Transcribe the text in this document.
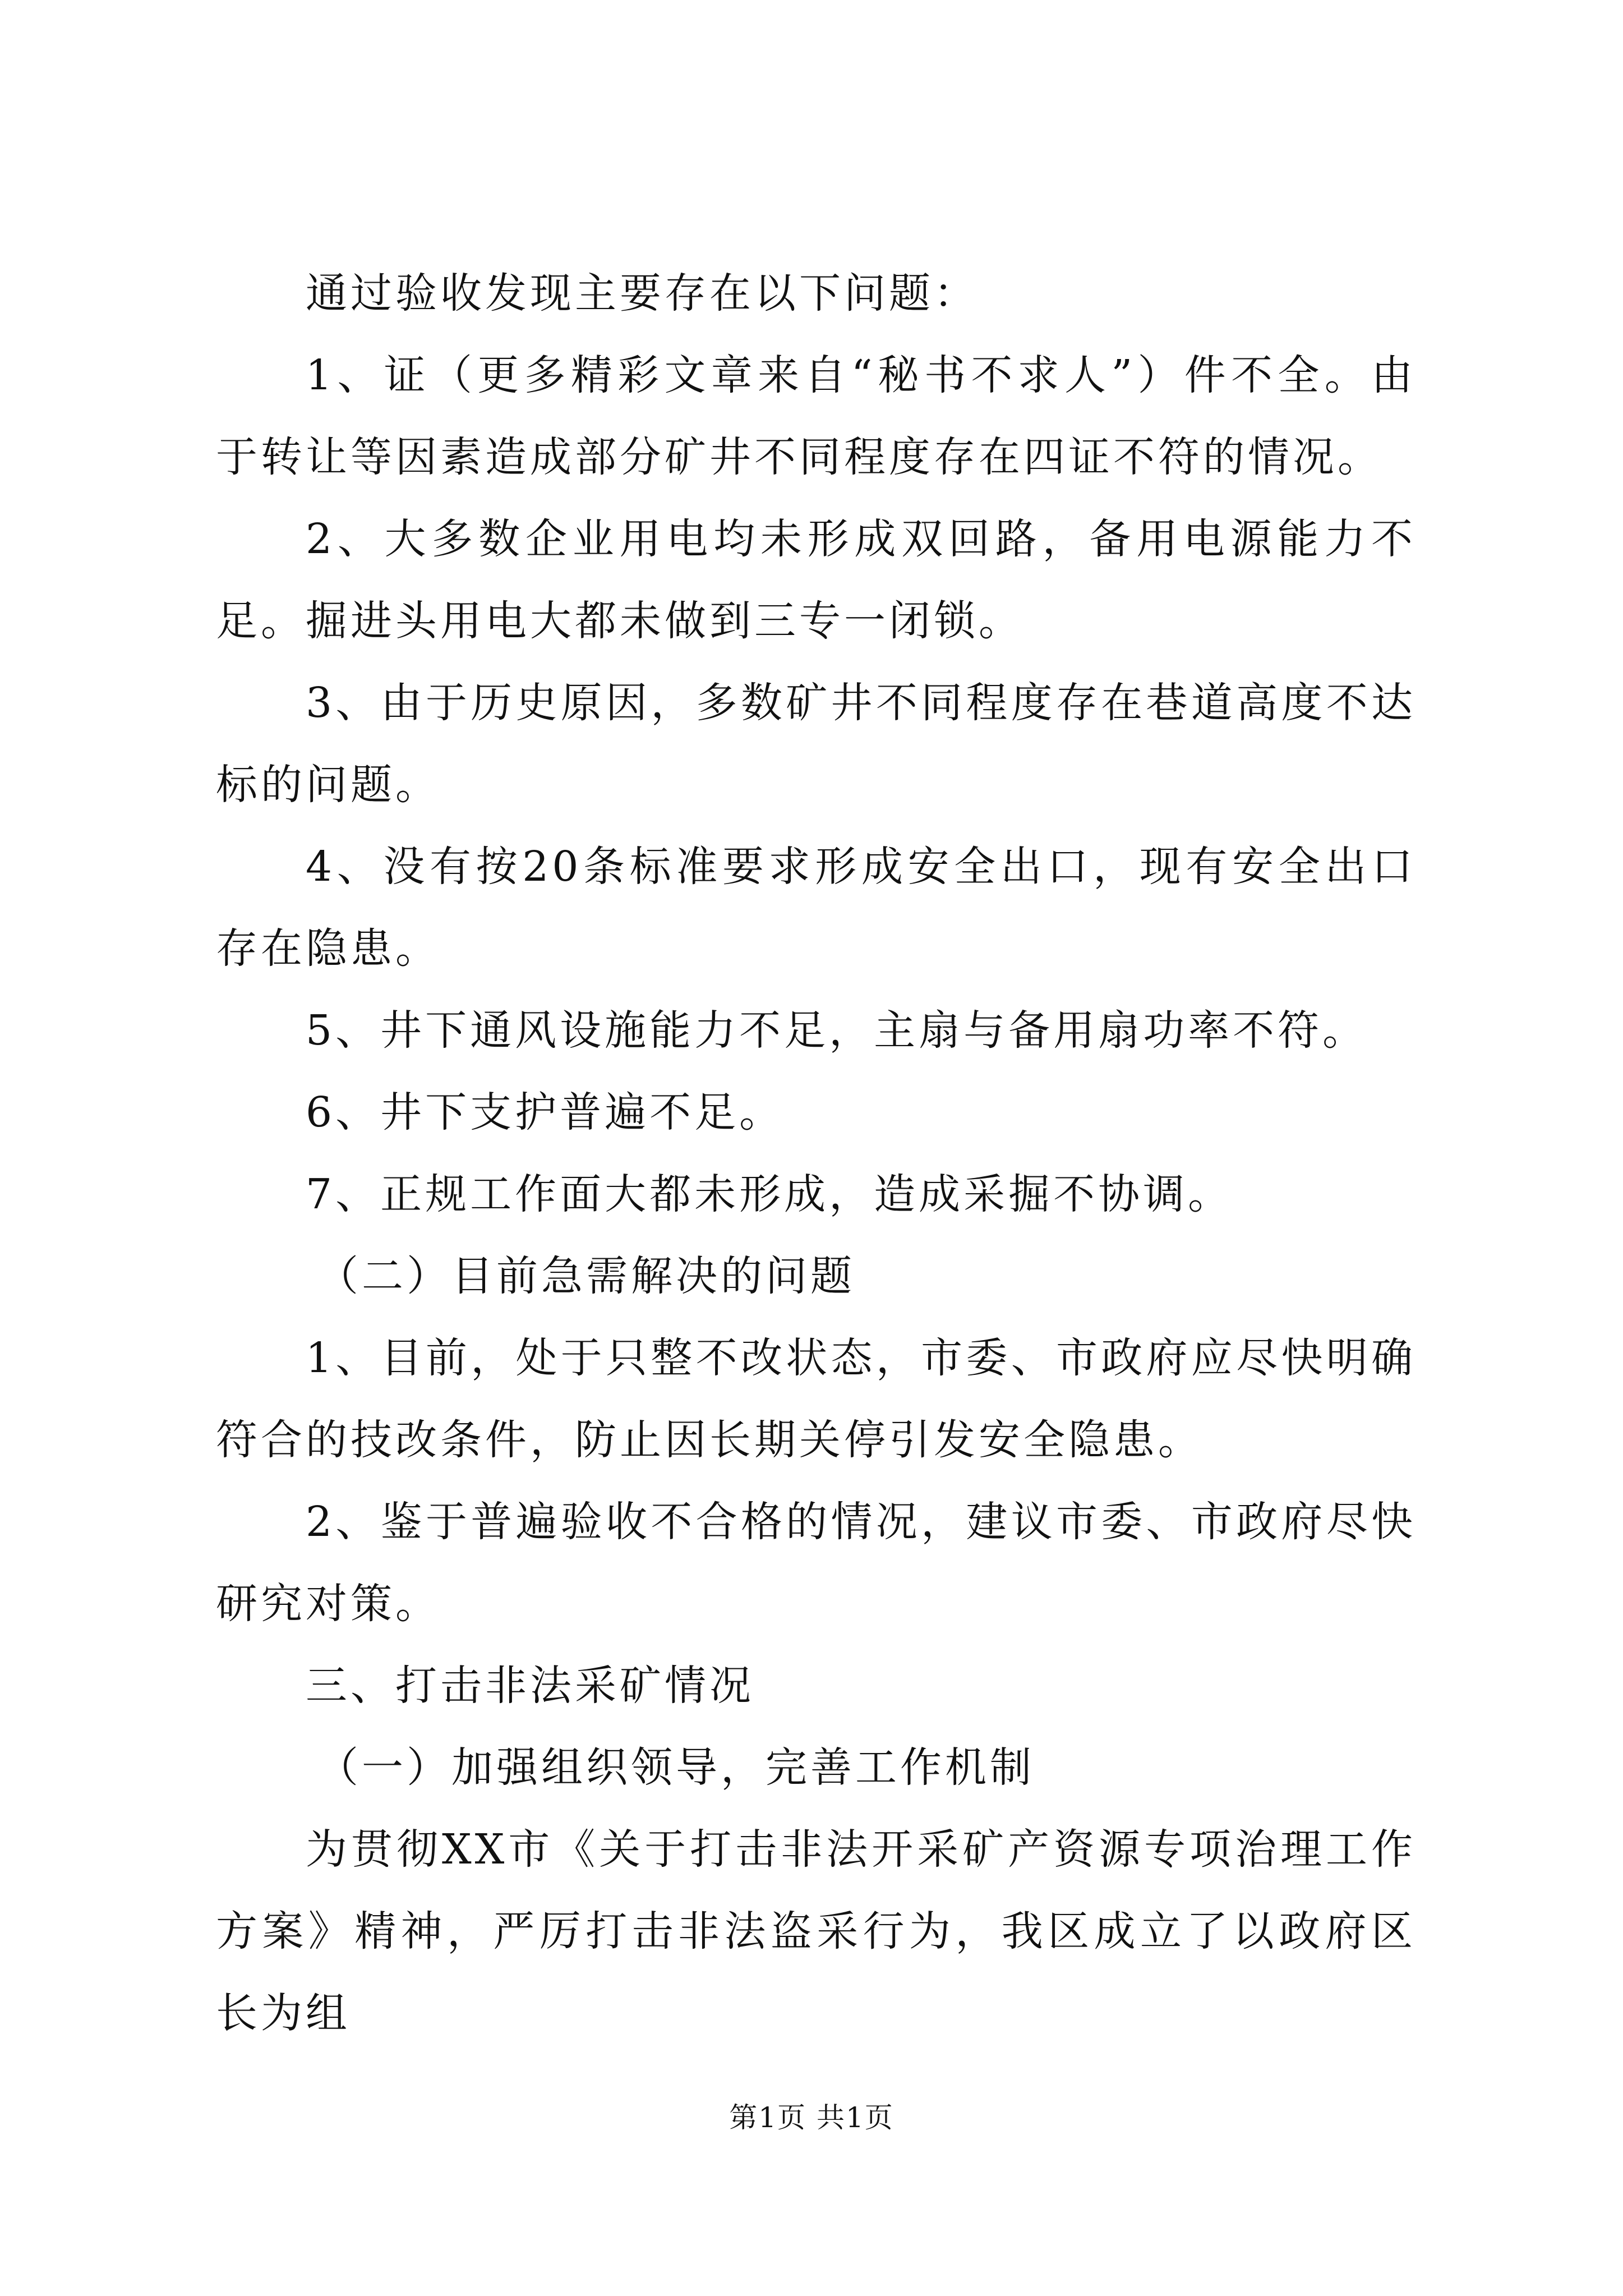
通过验收发现主要存在以下问题：

1、证（更多精彩文章来自“秘书不求人”）件不全。由于转让等因素造成部分矿井不同程度存在四证不符的情况。

2、大多数企业用电均未形成双回路，备用电源能力不足。掘进头用电大都未做到三专一闭锁。

3、由于历史原因，多数矿井不同程度存在巷道高度不达标的问题。

4、没有按20条标准要求形成安全出口，现有安全出口存在隐患。

5、井下通风设施能力不足，主扇与备用扇功率不符。

6、井下支护普遍不足。

7、正规工作面大都未形成，造成采掘不协调。

（二）目前急需解决的问题

1、目前，处于只整不改状态，市委、市政府应尽快明确符合的技改条件，防止因长期关停引发安全隐患。

2、鉴于普遍验收不合格的情况，建议市委、市政府尽快研究对策。

三、打击非法采矿情况

（一）加强组织领导，完善工作机制

为贯彻XX市《关于打击非法开采矿产资源专项治理工作方案》精神，严厉打击非法盗采行为，我区成立了以政府区长为组

第1页 共1页
